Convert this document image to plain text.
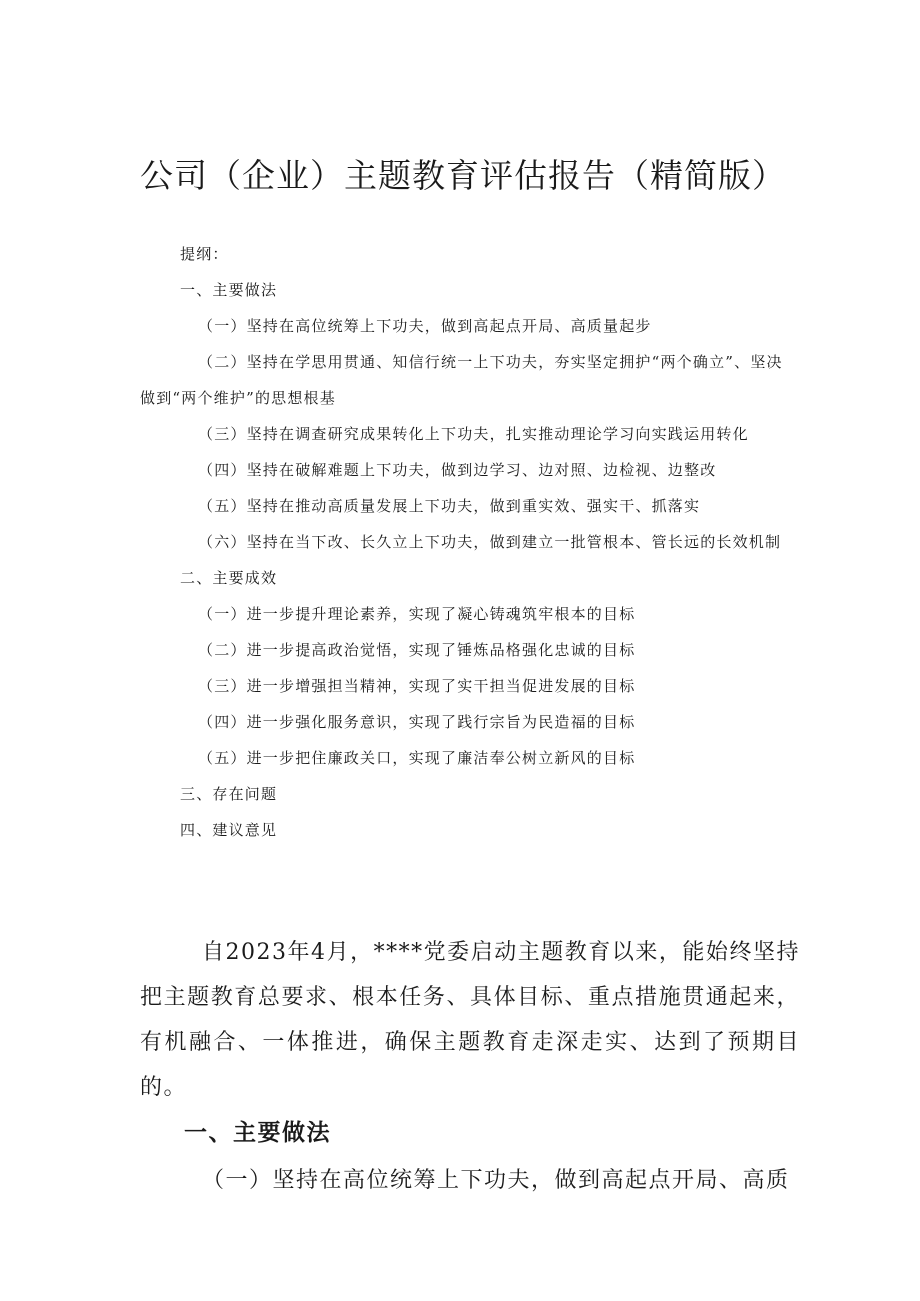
公司（企业）主题教育评估报告（精简版）
提纲：
一、主要做法
（一）坚持在高位统筹上下功夫，做到高起点开局、高质量起步
（二）坚持在学思用贯通、知信行统一上下功夫，夯实坚定拥护“两个确立”、坚决做到“两个维护”的思想根基
（三）坚持在调查研究成果转化上下功夫，扎实推动理论学习向实践运用转化
（四）坚持在破解难题上下功夫，做到边学习、边对照、边检视、边整改
（五）坚持在推动高质量发展上下功夫，做到重实效、强实干、抓落实
（六）坚持在当下改、长久立上下功夫，做到建立一批管根本、管长远的长效机制
二、主要成效
（一）进一步提升理论素养，实现了凝心铸魂筑牢根本的目标
（二）进一步提高政治觉悟，实现了锤炼品格强化忠诚的目标
（三）进一步增强担当精神，实现了实干担当促进发展的目标
（四）进一步强化服务意识，实现了践行宗旨为民造福的目标
（五）进一步把住廉政关口，实现了廉洁奉公树立新风的目标
三、存在问题
四、建议意见

自2023年4月，****党委启动主题教育以来，能始终坚持把主题教育总要求、根本任务、具体目标、重点措施贯通起来，有机融合、一体推进，确保主题教育走深走实、达到了预期目的。

一、主要做法

（一）坚持在高位统筹上下功夫，做到高起点开局、高质
